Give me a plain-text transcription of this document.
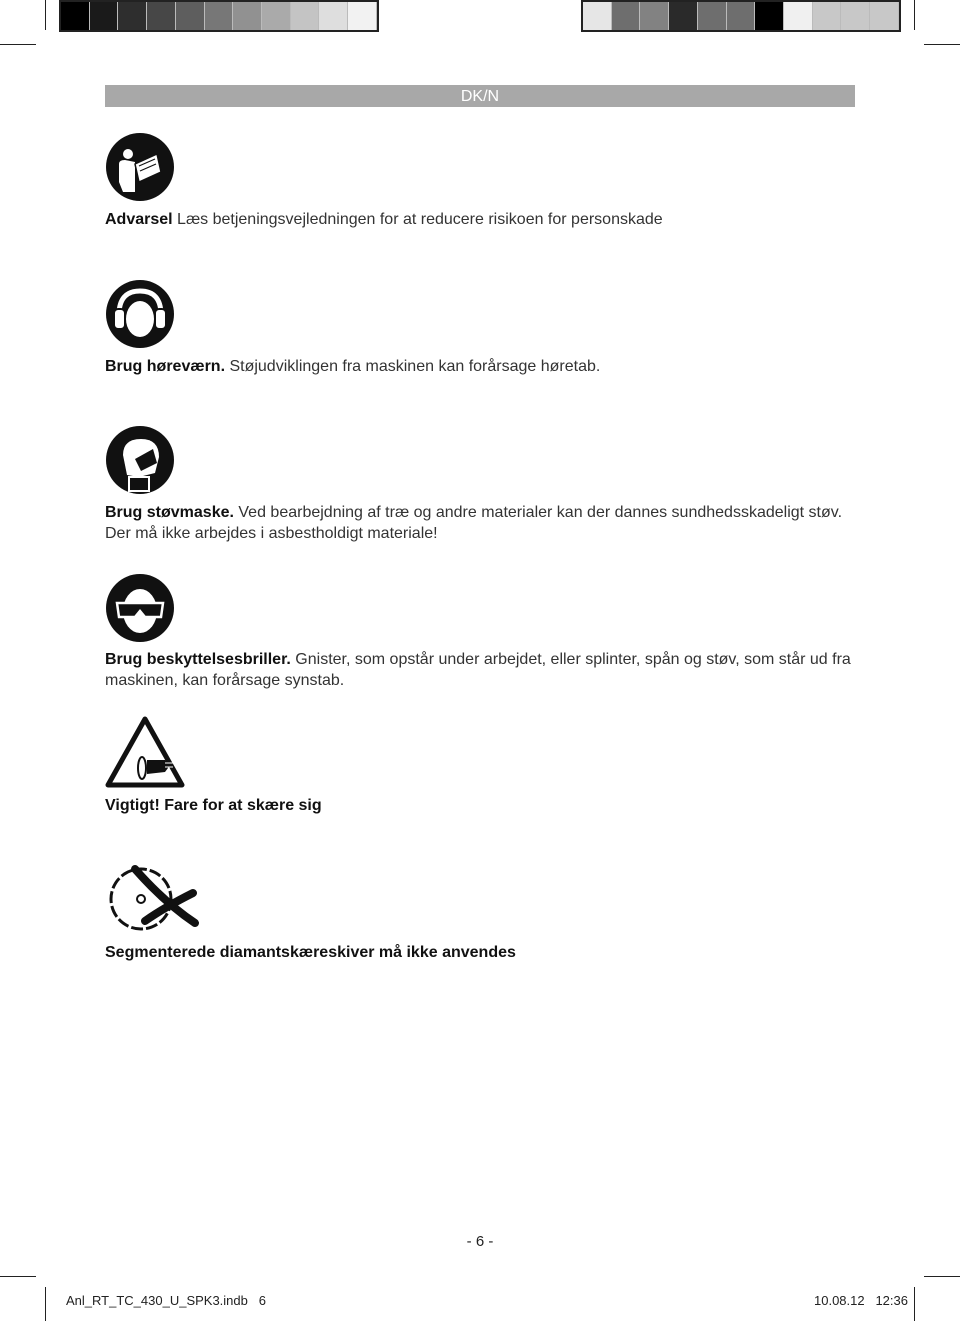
DK/N
Advarsel Læs betjeningsvejledningen for at reducere risikoen for personskade
Brug høreværn. Støjudviklingen fra maskinen kan forårsage høretab.
Brug støvmaske. Ved bearbejdning af træ og andre materialer kan der dannes sundhedsskadeligt støv. Der må ikke arbejdes i asbestholdigt materiale!
Brug beskyttelsesbriller. Gnister, som opstår under arbejdet, eller splinter, spån og støv, som står ud fra maskinen, kan forårsage synstab.
Vigtigt! Fare for at skære sig
Segmenterede diamantskæreskiver må ikke anvendes
- 6 -
Anl_RT_TC_430_U_SPK3.indb   6	10.08.12   12:36
